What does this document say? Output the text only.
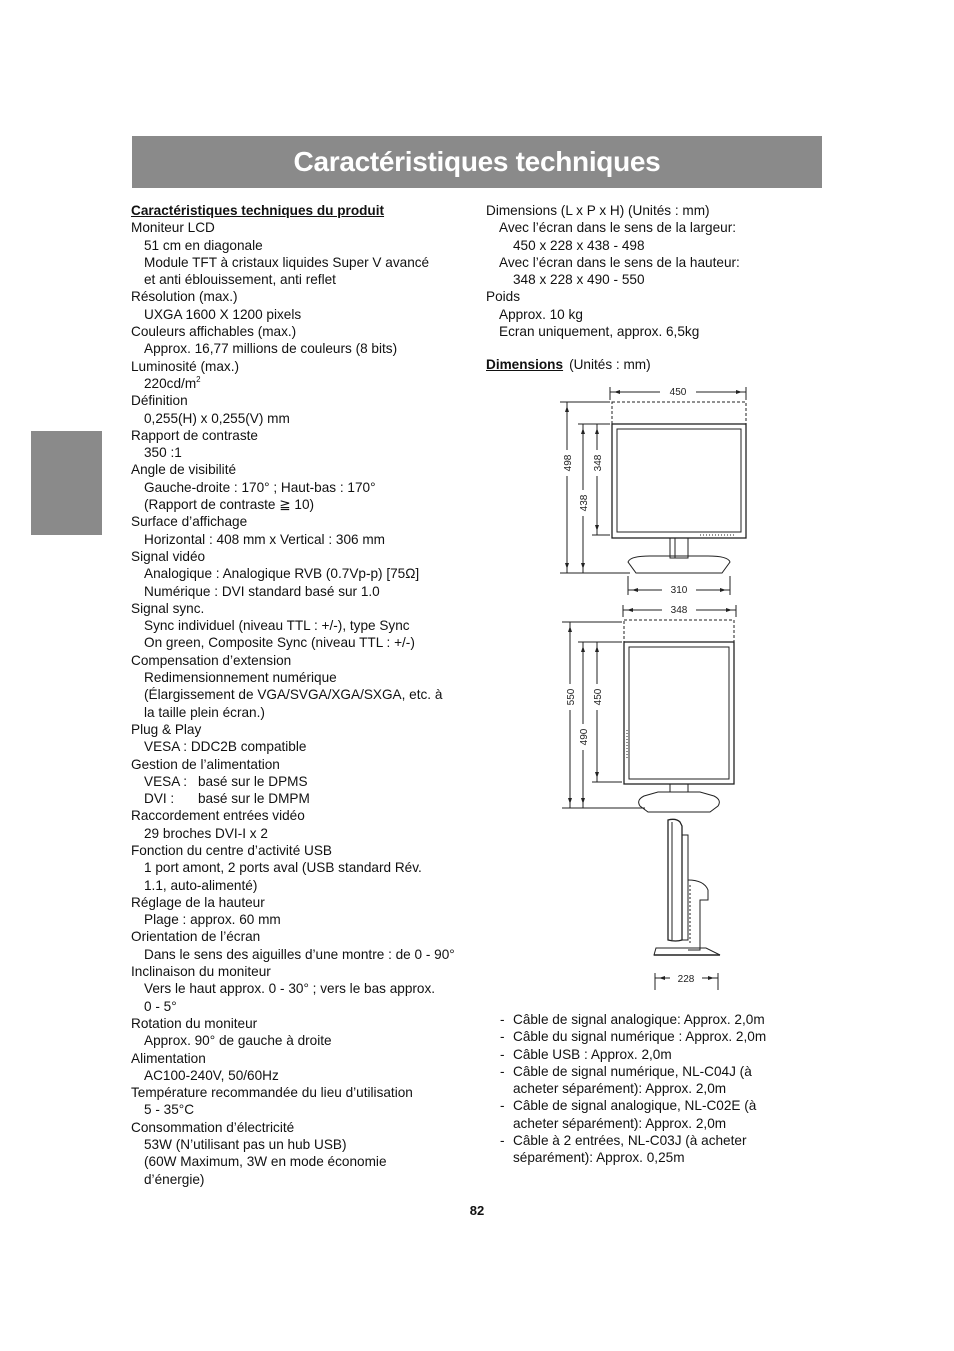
Caractéristiques techniques
Caractéristiques techniques du produit
Moniteur LCD
51 cm en diagonale
Module TFT à cristaux liquides Super V avancé
et anti éblouissement, anti reflet
Résolution (max.)
UXGA 1600 X 1200 pixels
Couleurs affichables (max.)
Approx. 16,77 millions de couleurs (8 bits)
Luminosité (max.)
$220cd/m^2$
Définition
0,255(H) x 0,255(V) mm
Rapport de contraste
350 :1
Angle de visibilité
Gauche-droite : 170° ; Haut-bas : 170°
(Rapport de contraste ≧ 10)
Surface d’affichage
Horizontal : 408 mm x Vertical : 306 mm
Signal vidéo
Analogique : Analogique RVB (0.7Vp-p) [75Ω]
Numérique : DVI standard basé sur 1.0
Signal sync.
Sync individuel (niveau TTL : +/-), type Sync
On green, Composite Sync (niveau TTL : +/-)
Compensation d’extension
Redimensionnement numérique
(Élargissement de VGA/SVGA/XGA/SXGA, etc. à
la taille plein écran.)
Plug & Play
VESA : DDC2B compatible
Gestion de l’alimentation
VESA : basé sur le DPMS
DVI : basé sur le DMPM
Raccordement entrées vidéo
29 broches DVI-I x 2
Fonction du centre d’activité USB
1 port amont, 2 ports aval (USB standard Rév.
1.1, auto-alimenté)
Réglage de la hauteur
Plage : approx. 60 mm
Orientation de l’écran
Dans le sens des aiguilles d’une montre : de 0 - 90°
Inclinaison du moniteur
Vers le haut approx. 0 - 30° ; vers le bas approx.
0 - 5°
Rotation du moniteur
Approx. 90° de gauche à droite
Alimentation
AC100-240V, 50/60Hz
Température recommandée du lieu d’utilisation
5 - 35°C
Consommation d’électricité
53W (N’utilisant pas un hub USB)
(60W Maximum, 3W en mode économie
d’énergie)
Dimensions (L x P x H) (Unités : mm)
Avec l’écran dans le sens de la largeur:
450 x 228 x 438 - 498
Avec l’écran dans le sens de la hauteur:
348 x 228 x 490 - 550
Poids
Approx. 10 kg
Ecran uniquement, approx. 6,5kg
Dimensions (Unités : mm)
450
498
438
348
310
348
550
490
450
228
- Câble de signal analogique: Approx. 2,0m
- Câble du signal numérique : Approx. 2,0m
- Câble USB : Approx. 2,0m
- Câble de signal numérique, NL-C04J (à acheter séparément): Approx. 2,0m
- Câble de signal analogique, NL-C02E (à acheter séparément): Approx. 2,0m
- Câble à 2 entrées, NL-C03J (à acheter séparément): Approx. 0,25m
82
